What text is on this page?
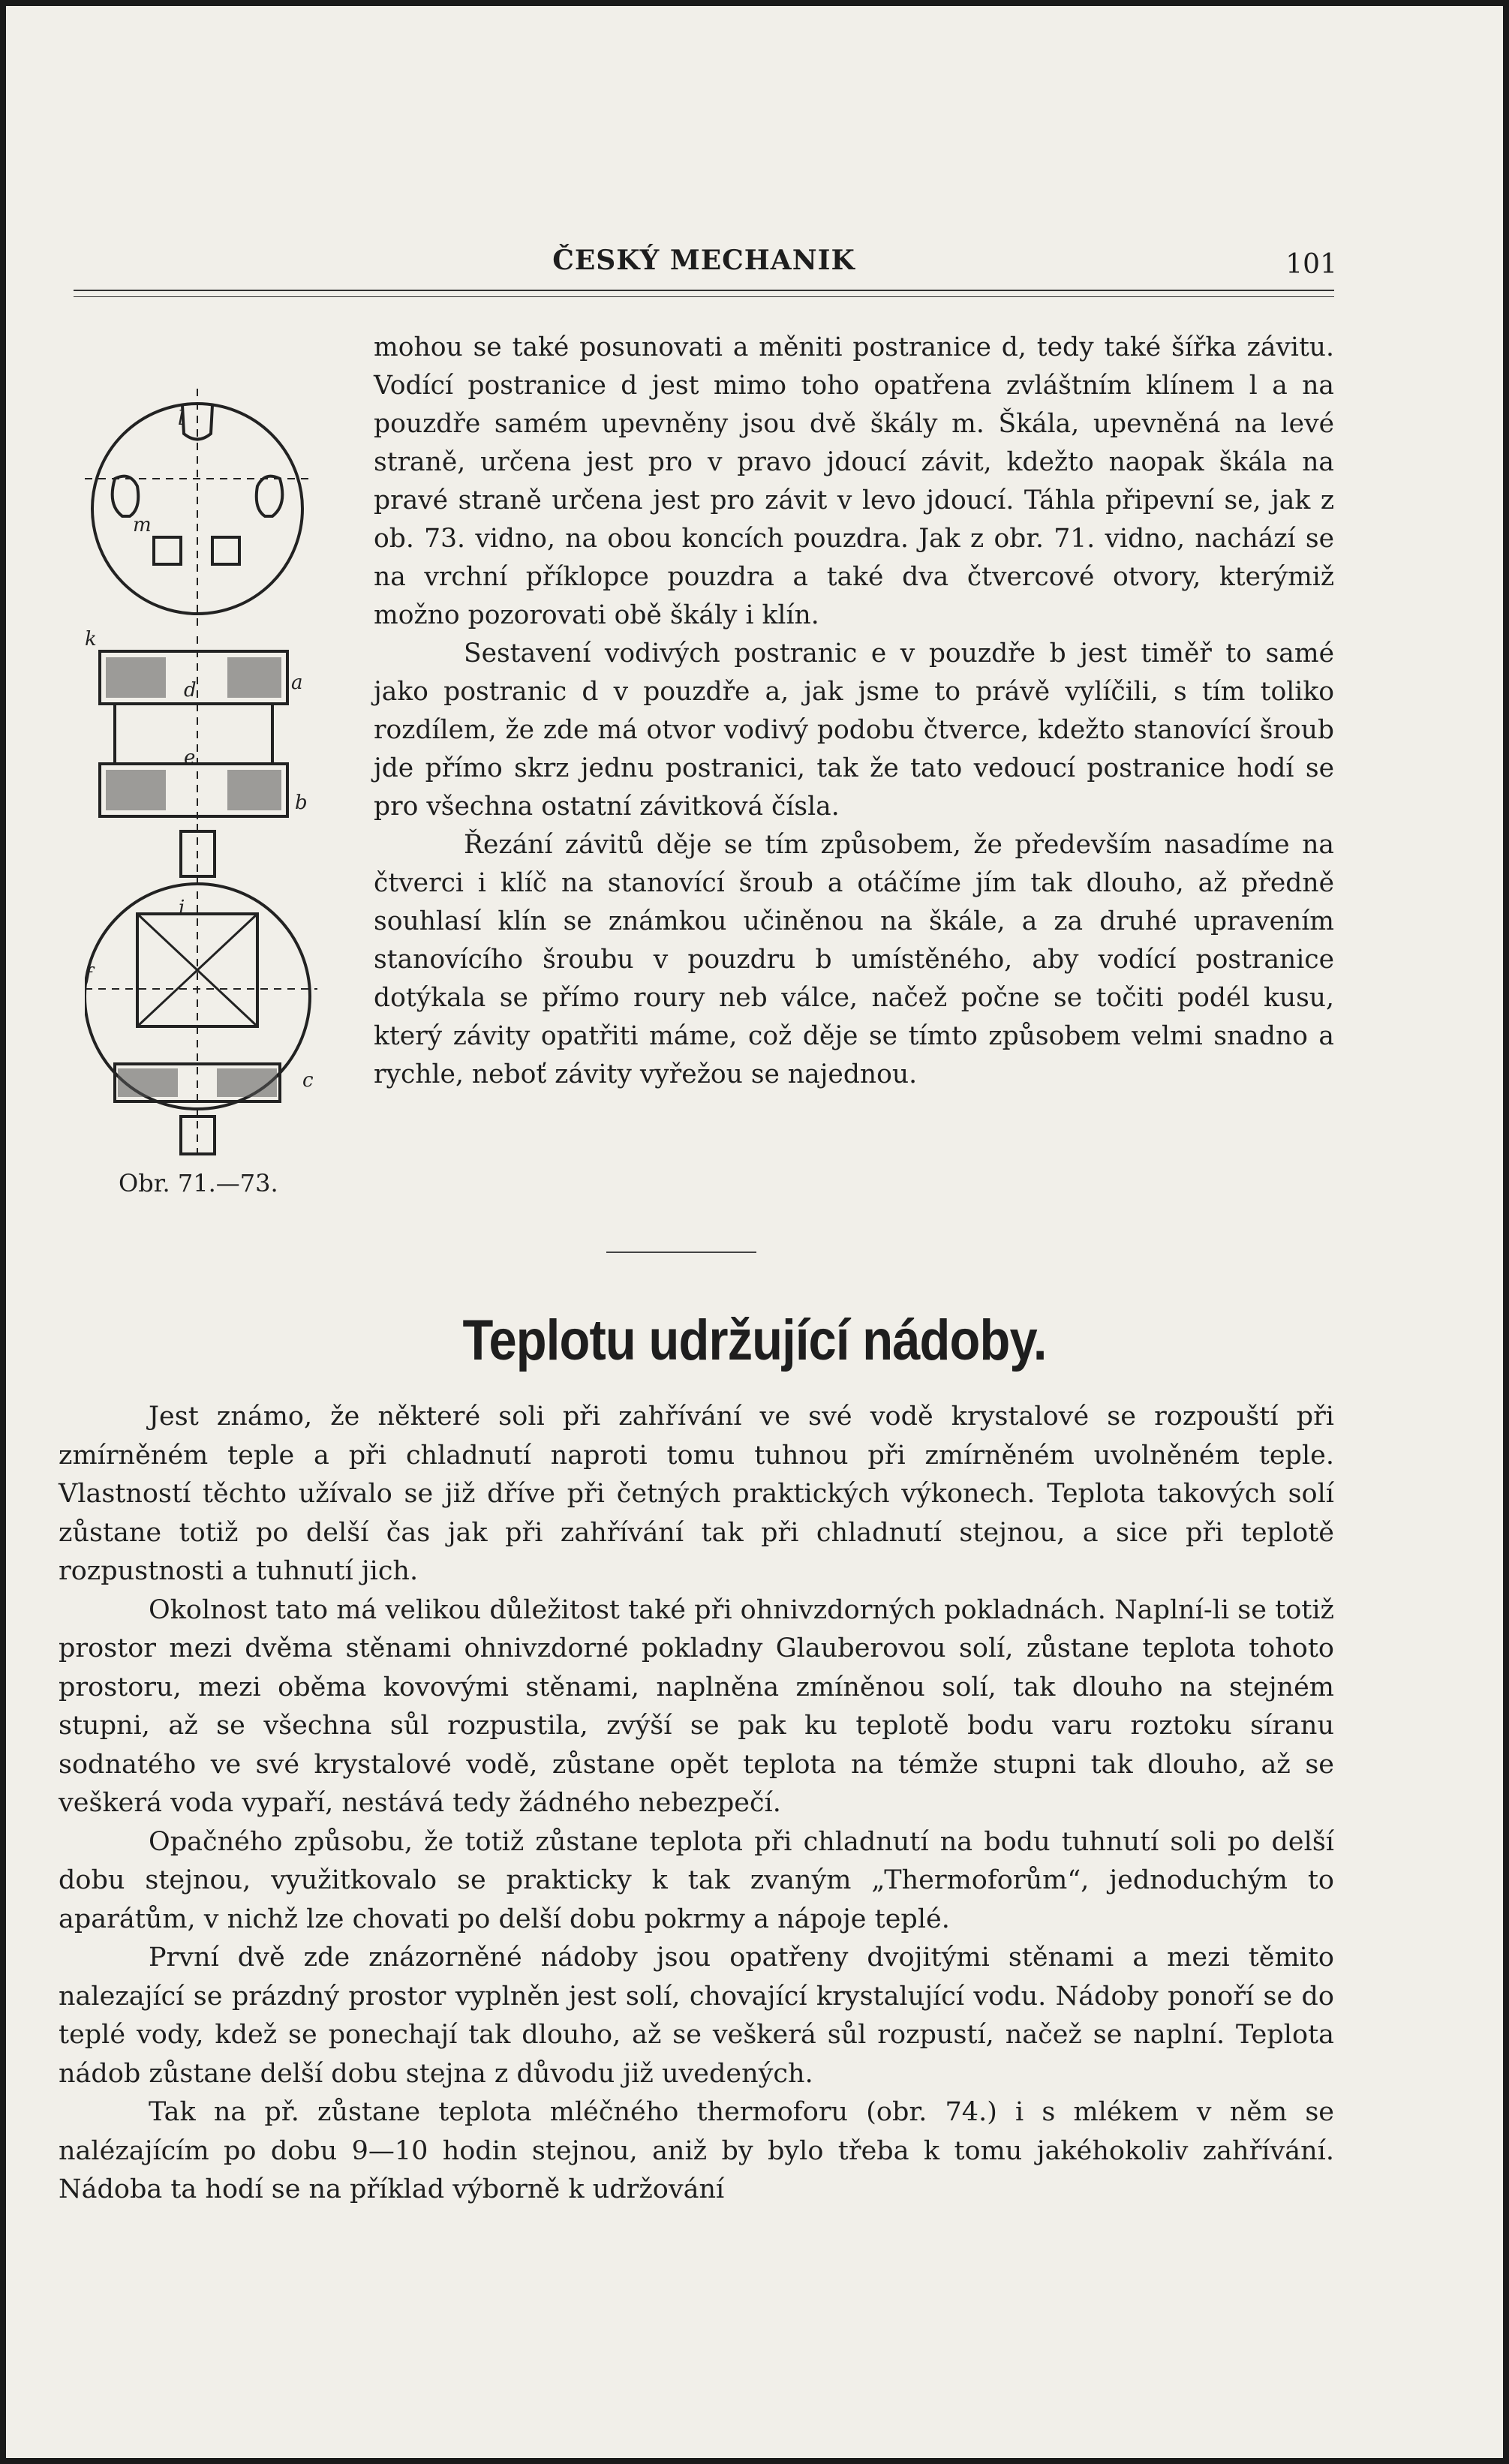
ČESKÝ MECHANIK	101
l
m
k
d	a
b
e
i
f
c
Obr. 71.—73.

mohou se také posunovati a měniti postranice d, tedy také šířka závitu. Vodící postranice d jest mimo toho opatřena zvláštním klínem l a na pouzdře samém upevněny jsou dvě škály m. Škála, upevněná na levé straně, určena jest pro v pravo jdoucí závit, kdežto naopak škála na pravé straně určena jest pro závit v levo jdoucí. Táhla připevní se, jak z ob. 73. vidno, na obou koncích pouzdra. Jak z obr. 71. vidno, nachází se na vrchní příklopce pouzdra a také dva čtvercové otvory, kterýmiž možno pozorovati obě škály i klín.

Sestavení vodivých postranic e v pouzdře b jest timěř to samé jako postranic d v pouzdře a, jak jsme to právě vylíčili, s tím toliko rozdílem, že zde má otvor vodivý podobu čtverce, kdežto stanovící šroub jde přímo skrz jednu postranici, tak že tato vedoucí postranice hodí se pro všechna ostatní závitková čísla.

Řezání závitů děje se tím způsobem, že především nasadíme na čtverci i klíč na stanovící šroub a otáčíme jím tak dlouho, až předně souhlasí klín se známkou učiněnou na škále, a za druhé upravením stanovícího šroubu v pouzdru b umístěného, aby vodící postranice dotýkala se přímo roury neb válce, načež počne se točiti podél kusu, který závity opatřiti máme, což děje se tímto způsobem velmi snadno a rychle, neboť závity vyřežou se najednou.

Teplotu udržující nádoby.

Jest známo, že některé soli při zahřívání ve své vodě krystalové se rozpouští při zmírněném teple a při chladnutí naproti tomu tuhnou při zmírněném uvolněném teple. Vlastností těchto užívalo se již dříve při četných praktických výkonech. Teplota takových solí zůstane totiž po delší čas jak při zahřívání tak při chladnutí stejnou, a sice při teplotě rozpustnosti a tuhnutí jich.

Okolnost tato má velikou důležitost také při ohnivzdorných pokladnách. Naplní-li se totiž prostor mezi dvěma stěnami ohnivzdorné pokladny Glauberovou solí, zůstane teplota tohoto prostoru, mezi oběma kovovými stěnami, naplněna zmíněnou solí, tak dlouho na stejném stupni, až se všechna sůl rozpustila, zvýší se pak ku teplotě bodu varu roztoku síranu sodnatého ve své krystalové vodě, zůstane opět teplota na témže stupni tak dlouho, až se veškerá voda vypaří, nestává tedy žádného nebezpečí.

Opačného způsobu, že totiž zůstane teplota při chladnutí na bodu tuhnutí soli po delší dobu stejnou, využitkovalo se prakticky k tak zvaným „Thermoforům“, jednoduchým to aparátům, v nichž lze chovati po delší dobu pokrmy a nápoje teplé.

První dvě zde znázorněné nádoby jsou opatřeny dvojitými stěnami a mezi těmito nalezající se prázdný prostor vyplněn jest solí, chovající krystalující vodu. Nádoby ponoří se do teplé vody, kdež se ponechají tak dlouho, až se veškerá sůl rozpustí, načež se naplní. Teplota nádob zůstane delší dobu stejna z důvodu již uvedených.

Tak na př. zůstane teplota mléčného thermoforu (obr. 74.) i s mlékem v něm se nalézajícím po dobu 9—10 hodin stejnou, aniž by bylo třeba k tomu jakéhokoliv zahřívání. Nádoba ta hodí se na příklad výborně k udržování
